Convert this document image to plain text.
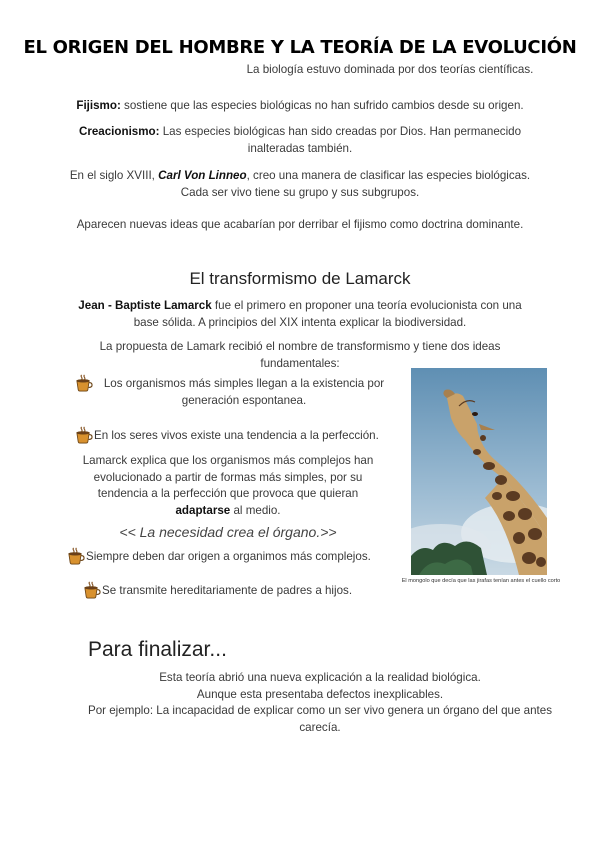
EL ORIGEN DEL HOMBRE Y LA TEORÍA DE LA EVOLUCIÓN
La biología estuvo dominada por dos teorías científicas.
Fijismo: sostiene que las especies biológicas no han sufrido cambios desde su origen.
Creacionismo: Las especies biológicas han sido creadas por Dios. Han permanecido
inalteradas también.
En el siglo XVIII, Carl Von Linneo, creo una manera de clasificar las especies biológicas.
Cada ser vivo tiene su grupo y sus subgrupos.
Aparecen nuevas ideas que acabarían por derribar el fijismo como doctrina dominante.
El transformismo de Lamarck
Jean - Baptiste Lamarck fue el primero en proponer una teoría evolucionista con una
base sólida. A principios del XIX intenta explicar la biodiversidad.
La propuesta de Lamark recibió el nombre de transformismo y tiene dos ideas
fundamentales:
Los organismos más simples llegan a la existencia por
generación espontanea.
En los seres vivos existe una tendencia a la perfección.
Lamarck explica que los organismos más complejos han
evolucionado a partir de formas más simples, por su
tendencia a la perfección que provoca que quieran
adaptarse al medio.
<< La necesidad crea el órgano.>>
Siempre deben dar origen a organimos más complejos.
Se transmite hereditariamente de padres a hijos.
El mongolo que decía que las jirafas tenían antes el cuello corto
Para finalizar...
Esta teoría abrió una nueva explicación a la realidad biológica.
Aunque esta presentaba defectos inexplicables.
Por ejemplo: La incapacidad de explicar como un ser vivo genera un órgano del que antes
carecía.
